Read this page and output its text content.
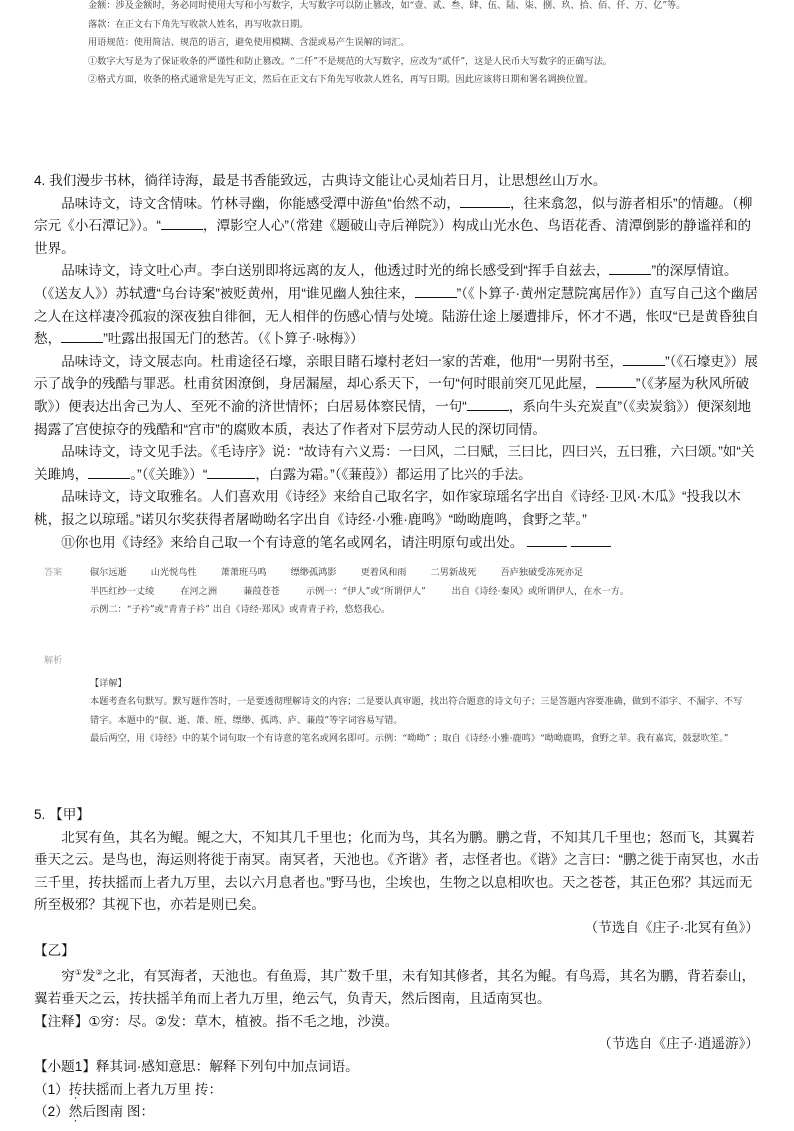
金额：涉及金额时，务必同时使用大写和小写数字，大写数字可以防止篡改，如“壹、贰、叁、肆、伍、陆、柒、捌、玖、拾、佰、仟、万、亿”等。

落款：在正文右下角先写收款人姓名，再写收款日期。

用语规范：使用简洁、规范的语言，避免使用模糊、含混或易产生误解的词汇。

①数字大写是为了保证收条的严谨性和防止篡改。“二仟”不是规范的大写数字，应改为“贰仟”，这是人民币大写数字的正确写法。

②格式方面，收条的格式通常是先写正文，然后在正文右下角先写收款人姓名，再写日期。因此应该将日期和署名调换位置。

4. 我们漫步书林，徜徉诗海，最是书香能致远，古典诗文能让心灵灿若日月，让思想丝山万水。

品味诗文，诗文含情味。竹林寻幽，你能感受潭中游鱼“佁然不动，	，往来翕忽，似与游者相乐”的情趣。（柳宗元《小石潭记》）。“	，潭影空人心”（常建《题破山寺后禅院》）构成山光水色、鸟语花香、清潭倒影的静谧祥和的世界。

品味诗文，诗文吐心声。李白送别即将远离的友人，他透过时光的绵长感受到“挥手自兹去，	”的深厚情谊。（《送友人》）苏轼遭“乌台诗案”被贬黄州，用“谁见幽人独往来，	”（《卜算子·黄州定慧院寓居作》）直写自己这个幽居之人在这样凄冷孤寂的深夜独自徘徊，无人相伴的伤感心情与处境。陆游仕途上屡遭排斥，怀才不遇，怅叹“已是黄昏独自愁，	”吐露出报国无门的愁苦。（《卜算子·咏梅》）

品味诗文，诗文展志向。杜甫途径石壕，亲眼目睹石壕村老妇一家的苦难，他用“一男附书至，	”（《石壕吏》）展示了战争的残酷与罪恶。杜甫贫困潦倒，身居漏屋，却心系天下，一句“何时眼前突兀见此屋，	”（《茅屋为秋风所破歌》）便表达出舍己为人、至死不渝的济世情怀；白居易体察民情，一句“	，系向牛头充炭直”（《卖炭翁》）便深刻地揭露了宫使掠夺的残酷和“宫市”的腐败本质，表达了作者对下层劳动人民的深切同情。

品味诗文，诗文见手法。《毛诗序》说：“故诗有六义焉：一曰风，二曰赋，三曰比，四曰兴，五曰雅，六曰颂。”如“关关雎鸠，	。”（《关雎》）“	，白露为霜。”（《蒹葭》）都运用了比兴的手法。

品味诗文，诗文取雅名。人们喜欢用《诗经》来给自己取名字，如作家琼瑶名字出自《诗经·卫风·木瓜》“投我以木桃，报之以琼瑶。”诺贝尔奖获得者屠呦呦名字出自《诗经·小雅·鹿鸣》“呦呦鹿鸣，食野之苹。”

⑪你也用《诗经》来给自己取一个有诗意的笔名或网名，请注明原句或出处。

答案	俶尔远逝	山光悦鸟性	萧萧班马鸣	缥缈孤鸿影	更着风和雨	二男新战死	吾庐独破受冻死亦足
半匹红纱一丈绫	在河之洲	蒹葭苍苍	示例一：“伊人”或“所谓伊人”	出自《诗经·秦风》或所谓伊人，在水一方。
示例二：“子衿”或“青青子衿” 出自《诗经·郑风》或青青子衿，悠悠我心。
解析

【详解】

本题考查名句默写。默写题作答时，一是要透彻理解诗文的内容；二是要认真审题，找出符合题意的诗文句子；三是答题内容要准确，做到不添字、不漏字、不写错字。本题中的“俶、逝、萧、班、缥缈、孤鸿、庐、蒹葭”等字词容易写错。

最后两空，用《诗经》中的某个词句取一个有诗意的笔名或网名即可。示例：“呦呦” ；取自《诗经·小雅·鹿鸣》“呦呦鹿鸣，食野之苹。我有嘉宾，鼓瑟吹笙。”

5. 【甲】

北冥有鱼，其名为鲲。鲲之大，不知其几千里也；化而为鸟，其名为鹏。鹏之背，不知其几千里也；怒而飞，其翼若垂天之云。是鸟也，海运则将徙于南冥。南冥者，天池也。《齐谐》者，志怪者也。《谐》之言曰：“鹏之徙于南冥也，水击三千里，抟扶摇而上者九万里，去以六月息者也。”野马也，尘埃也，生物之以息相吹也。天之苍苍，其正色邪？其远而无所至极邪？其视下也，亦若是则已矣。

（节选自《庄子·北冥有鱼》）

【乙】

穷①发②之北，有冥海者，天池也。有鱼焉，其广数千里，未有知其修者，其名为鲲。有鸟焉，其名为鹏，背若泰山，翼若垂天之云，抟扶摇羊角而上者九万里，绝云气，负青天，然后图南，且适南冥也。

【注释】①穷：尽。②发：草木，植被。指不毛之地，沙漠。

（节选自《庄子·逍遥游》）

【小题1】释其词·感知意思：解释下列句中加点词语。

（1）抟扶摇而上者九万里 抟：

（2）然后图南 图：
